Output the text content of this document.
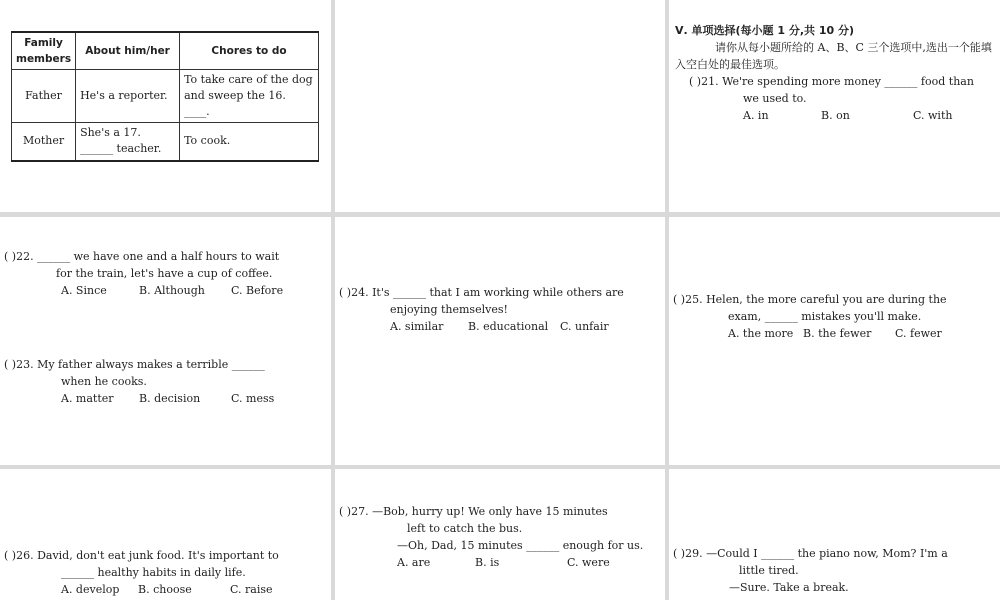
Family members	About him/her	Chores to do
Father	He's a reporter.	To take care of the dog and sweep the 16. ____.
Mother	She's a 17. ______ teacher.	To cook.

Ⅴ. 单项选择(每小题 1 分,共 10 分)
请你从每小题所给的 A、B、C 三个选项中,选出一个能填入空白处的最佳选项。
( )21. We're spending more money ______ food than
we used to.
A. in	B. on	C. with
( )22. ______ we have one and a half hours to wait
for the train, let's have a cup of coffee.
A. Since	B. Although	C. Before
( )23. My father always makes a terrible ______
when he cooks.
A. matter	B. decision	C. mess
( )24. It's ______ that I am working while others are
enjoying themselves!
A. similar	B. educational	C. unfair
( )25. Helen, the more careful you are during the
exam, ______ mistakes you'll make.
A. the more B. the fewer	C. fewer
( )26. David, don't eat junk food. It's important to
______ healthy habits in daily life.
A. develop	B. choose	C. raise
( )27. —Bob, hurry up! We only have 15 minutes
left to catch the bus.
—Oh, Dad, 15 minutes ______ enough for us.
A. are	B. is	C. were
( )29. —Could I ______ the piano now, Mom? I'm a
little tired.
—Sure. Take a break.
